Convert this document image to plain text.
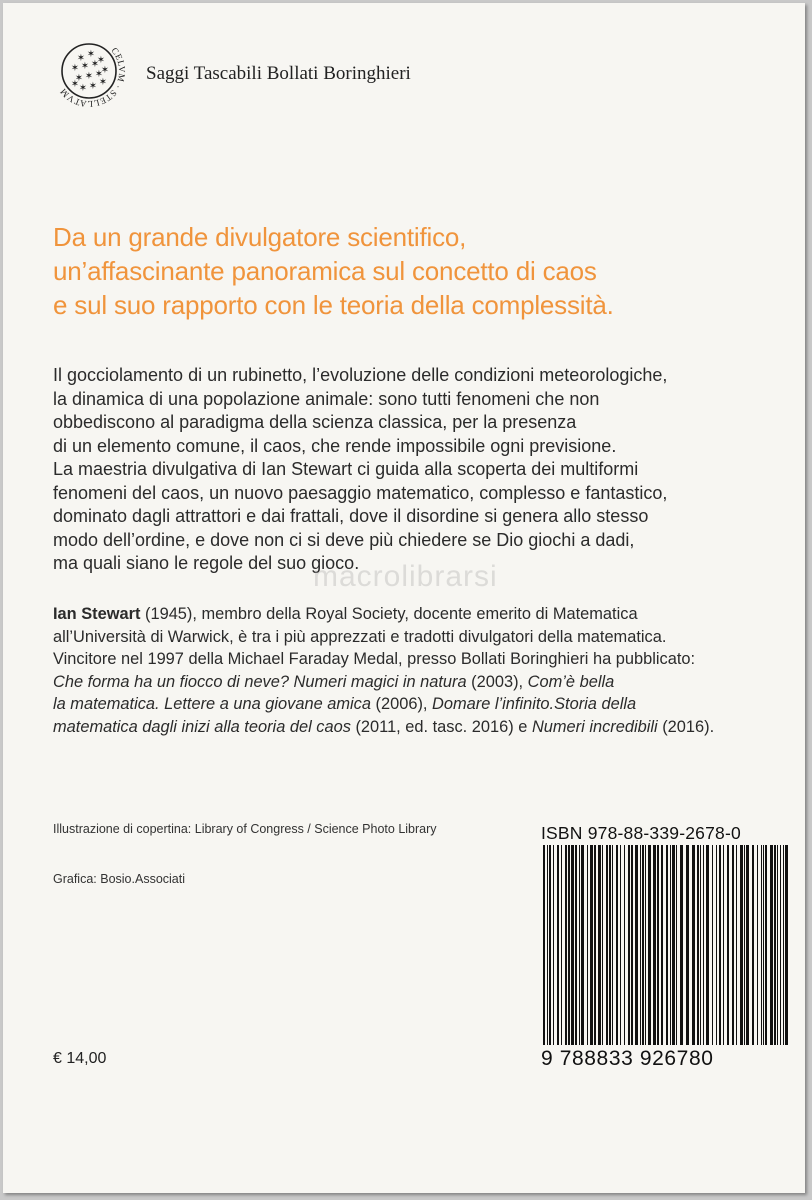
✶ ✶
✶
✶ ✶ ✶
✶
✶ ✶ ✶
✶ ✶ ✶
✶
CELVM · STELLATVM
Saggi Tascabili Bollati Boringhieri
Da un grande divulgatore scientifico,
un’affascinante panoramica sul concetto di caos
e sul suo rapporto con le teoria della complessità.
Il gocciolamento di un rubinetto, l’evoluzione delle condizioni meteorologiche,
la dinamica di una popolazione animale: sono tutti fenomeni che non
obbediscono al paradigma della scienza classica, per la presenza
di un elemento comune, il caos, che rende impossibile ogni previsione.
La maestria divulgativa di Ian Stewart ci guida alla scoperta dei multiformi
fenomeni del caos, un nuovo paesaggio matematico, complesso e fantastico,
dominato dagli attrattori e dai frattali, dove il disordine si genera allo stesso
modo dell’ordine, e dove non ci si deve più chiedere se Dio giochi a dadi,
ma quali siano le regole del suo gioco.
macrolibrarsi
Ian Stewart (1945), membro della Royal Society, docente emerito di Matematica
all’Università di Warwick, è tra i più apprezzati e tradotti divulgatori della matematica.
Vincitore nel 1997 della Michael Faraday Medal, presso Bollati Boringhieri ha pubblicato:
Che forma ha un fiocco di neve? Numeri magici in natura (2003), Com’è bella
la matematica. Lettere a una giovane amica (2006), Domare l’infinito.Storia della
matematica dagli inizi alla teoria del caos (2011, ed. tasc. 2016) e Numeri incredibili (2016).
Illustrazione di copertina: Library of Congress / Science Photo Library
Grafica: Bosio.Associati
€ 14,00
ISBN 978-88-339-2678-0
9 788833 926780
